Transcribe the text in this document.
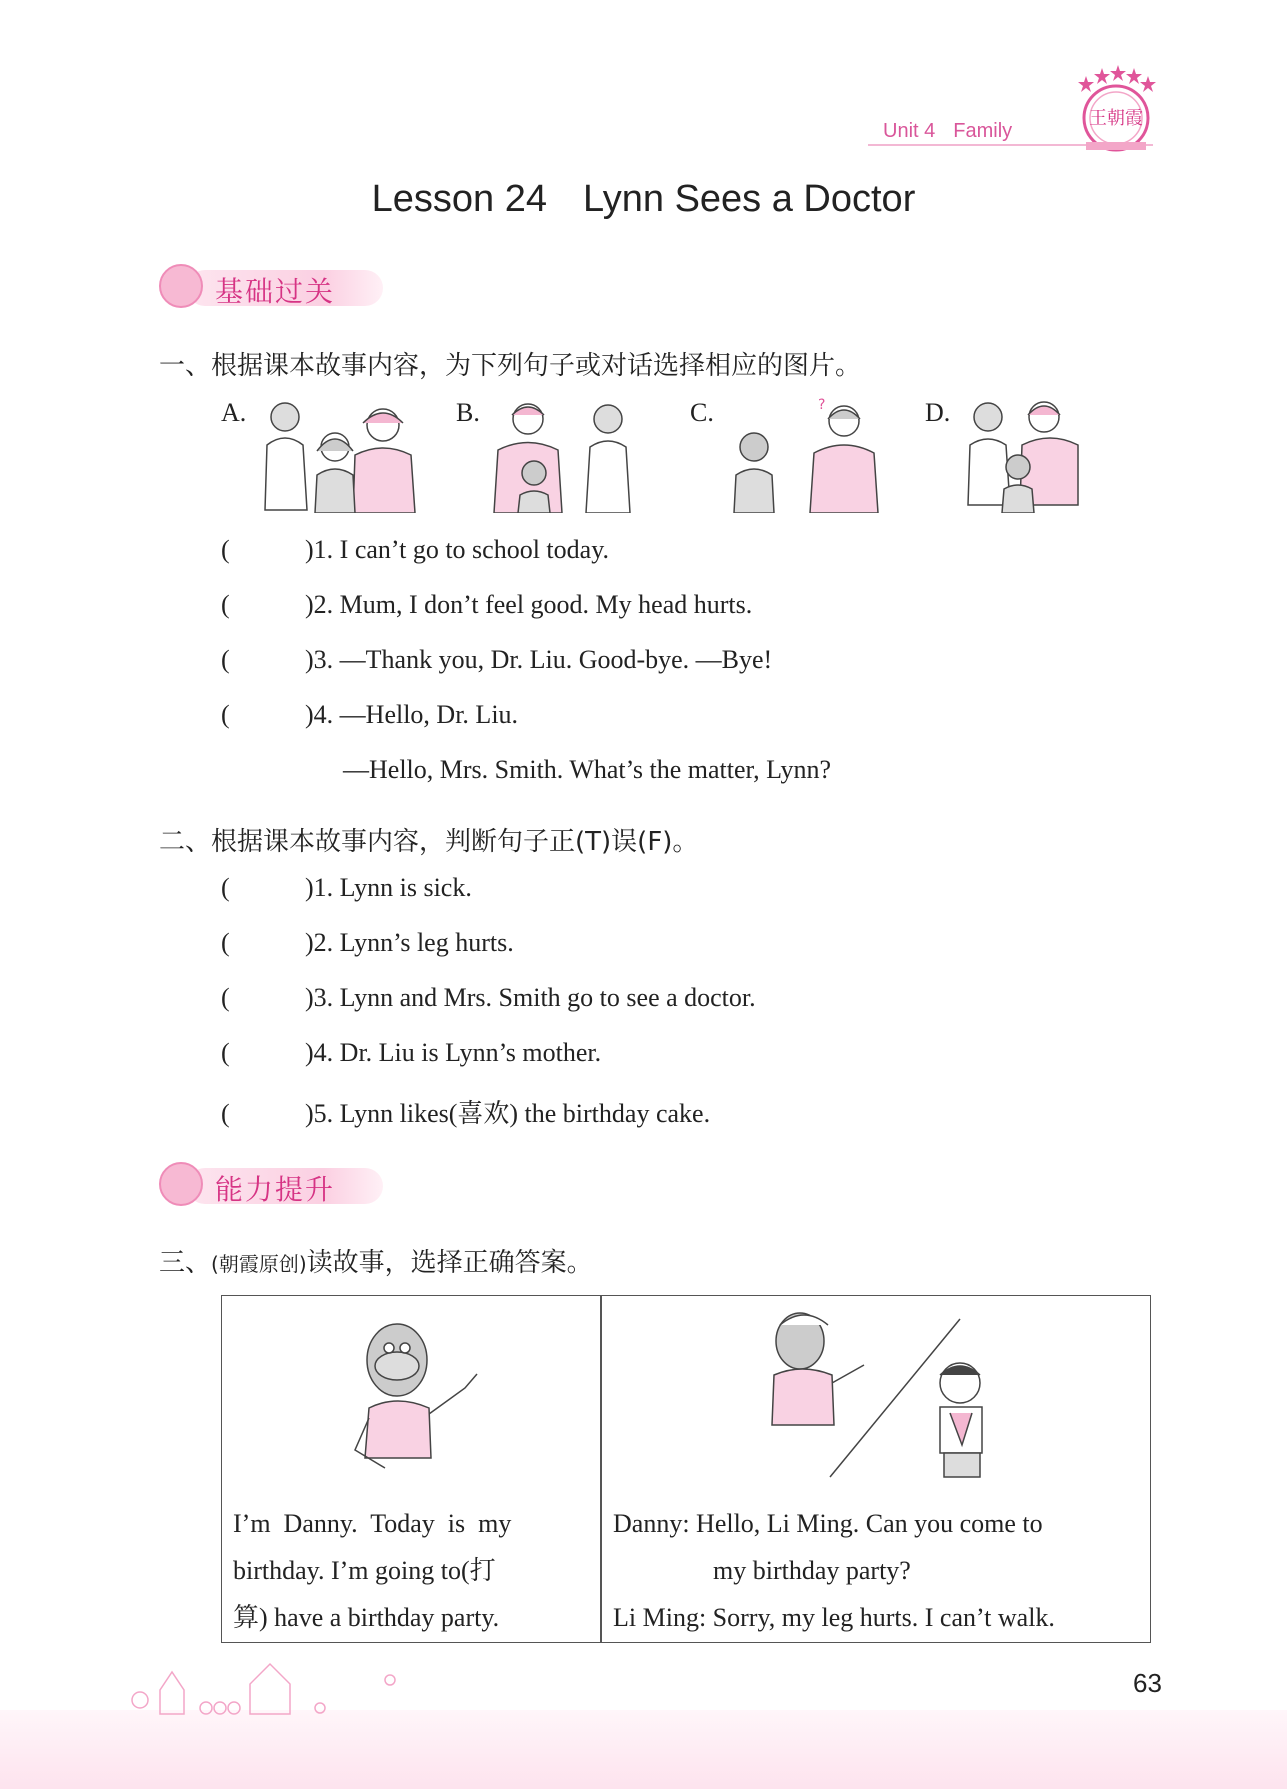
Unit 4 Family
王朝霞
Lesson 24 Lynn Sees a Doctor
基础过关
一、根据课本故事内容，为下列句子或对话选择相应的图片。
A.	B.	C.	D.
?
(	)1. I can’t go to school today.
(	)2. Mum, I don’t feel good. My head hurts.
(	)3. —Thank you, Dr. Liu. Good-bye. —Bye!
(	)4. —Hello, Dr. Liu.
—Hello, Mrs. Smith. What’s the matter, Lynn?
二、根据课本故事内容，判断句子正(T)误(F)。
(	)1. Lynn is sick.
(	)2. Lynn’s leg hurts.
(	)3. Lynn and Mrs. Smith go to see a doctor.
(	)4. Dr. Liu is Lynn’s mother.
(	)5. Lynn likes(喜欢) the birthday cake.
能力提升
三、(朝霞原创)读故事，选择正确答案。
I’m  Danny.  Today  is  my
birthday. I’m going to(打
算) have a birthday party.
Danny: Hello, Li Ming. Can you come to
my birthday party?
Li Ming: Sorry, my leg hurts. I can’t walk.
63
